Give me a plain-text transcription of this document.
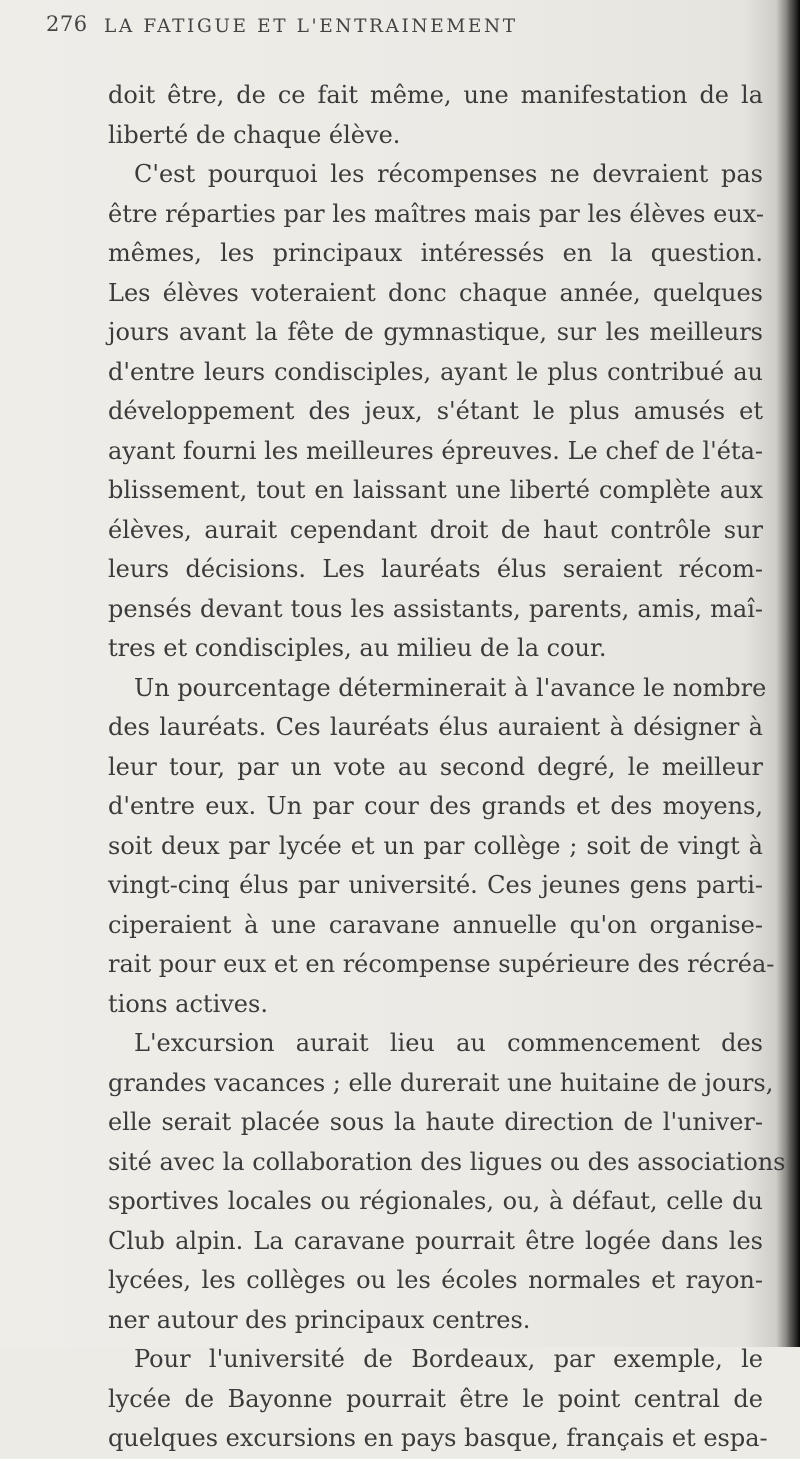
276 LA FATIGUE ET L'ENTRAINEMENT
doit être, de ce fait même, une manifestation de la
liberté de chaque élève.
C'est pourquoi les récompenses ne devraient pas
être réparties par les maîtres mais par les élèves eux-
mêmes, les principaux intéressés en la question.
Les élèves voteraient donc chaque année, quelques
jours avant la fête de gymnastique, sur les meilleurs
d'entre leurs condisciples, ayant le plus contribué au
développement des jeux, s'étant le plus amusés et
ayant fourni les meilleures épreuves. Le chef de l'éta-
blissement, tout en laissant une liberté complète aux
élèves, aurait cependant droit de haut contrôle sur
leurs décisions. Les lauréats élus seraient récom-
pensés devant tous les assistants, parents, amis, maî-
tres et condisciples, au milieu de la cour.
Un pourcentage déterminerait à l'avance le nombre
des lauréats. Ces lauréats élus auraient à désigner à
leur tour, par un vote au second degré, le meilleur
d'entre eux. Un par cour des grands et des moyens,
soit deux par lycée et un par collège ; soit de vingt à
vingt-cinq élus par université. Ces jeunes gens parti-
ciperaient à une caravane annuelle qu'on organise-
rait pour eux et en récompense supérieure des récréa-
tions actives.
L'excursion aurait lieu au commencement des
grandes vacances ; elle durerait une huitaine de jours,
elle serait placée sous la haute direction de l'univer-
sité avec la collaboration des ligues ou des associations
sportives locales ou régionales, ou, à défaut, celle du
Club alpin. La caravane pourrait être logée dans les
lycées, les collèges ou les écoles normales et rayon-
ner autour des principaux centres.
Pour l'université de Bordeaux, par exemple, le
lycée de Bayonne pourrait être le point central de
quelques excursions en pays basque, français et espa-
